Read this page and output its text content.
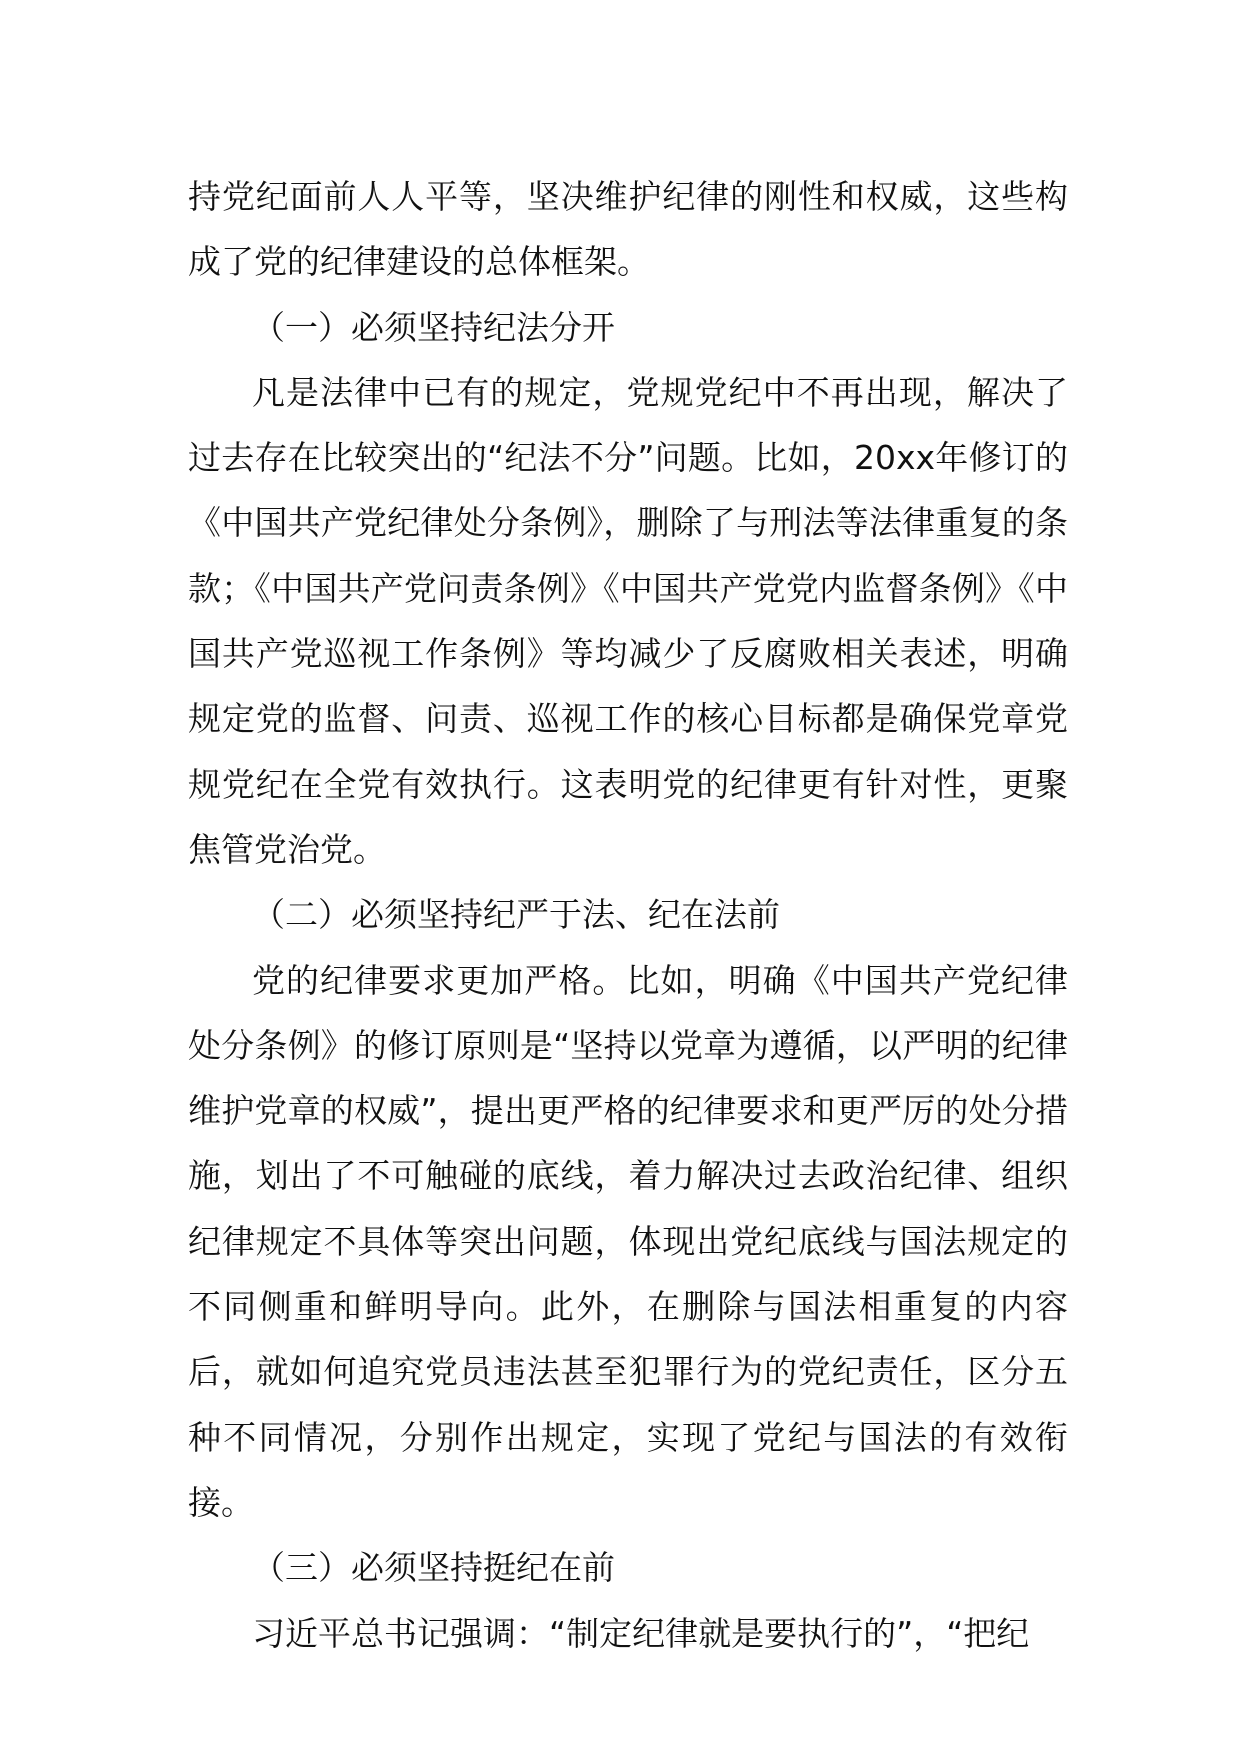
持党纪面前人人平等，坚决维护纪律的刚性和权威，这些构成了党的纪律建设的总体框架。

（一）必须坚持纪法分开

凡是法律中已有的规定，党规党纪中不再出现，解决了过去存在比较突出的“纪法不分”问题。比如，20xx年修订的《中国共产党纪律处分条例》，删除了与刑法等法律重复的条款；《中国共产党问责条例》《中国共产党党内监督条例》《中国共产党巡视工作条例》等均减少了反腐败相关表述，明确规定党的监督、问责、巡视工作的核心目标都是确保党章党规党纪在全党有效执行。这表明党的纪律更有针对性，更聚焦管党治党。

（二）必须坚持纪严于法、纪在法前

党的纪律要求更加严格。比如，明确《中国共产党纪律处分条例》的修订原则是“坚持以党章为遵循，以严明的纪律维护党章的权威”，提出更严格的纪律要求和更严厉的处分措施，划出了不可触碰的底线，着力解决过去政治纪律、组织纪律规定不具体等突出问题，体现出党纪底线与国法规定的不同侧重和鲜明导向。此外，在删除与国法相重复的内容后，就如何追究党员违法甚至犯罪行为的党纪责任，区分五种不同情况，分别作出规定，实现了党纪与国法的有效衔接。

（三）必须坚持挺纪在前

习近平总书记强调：“制定纪律就是要执行的”，“把纪
